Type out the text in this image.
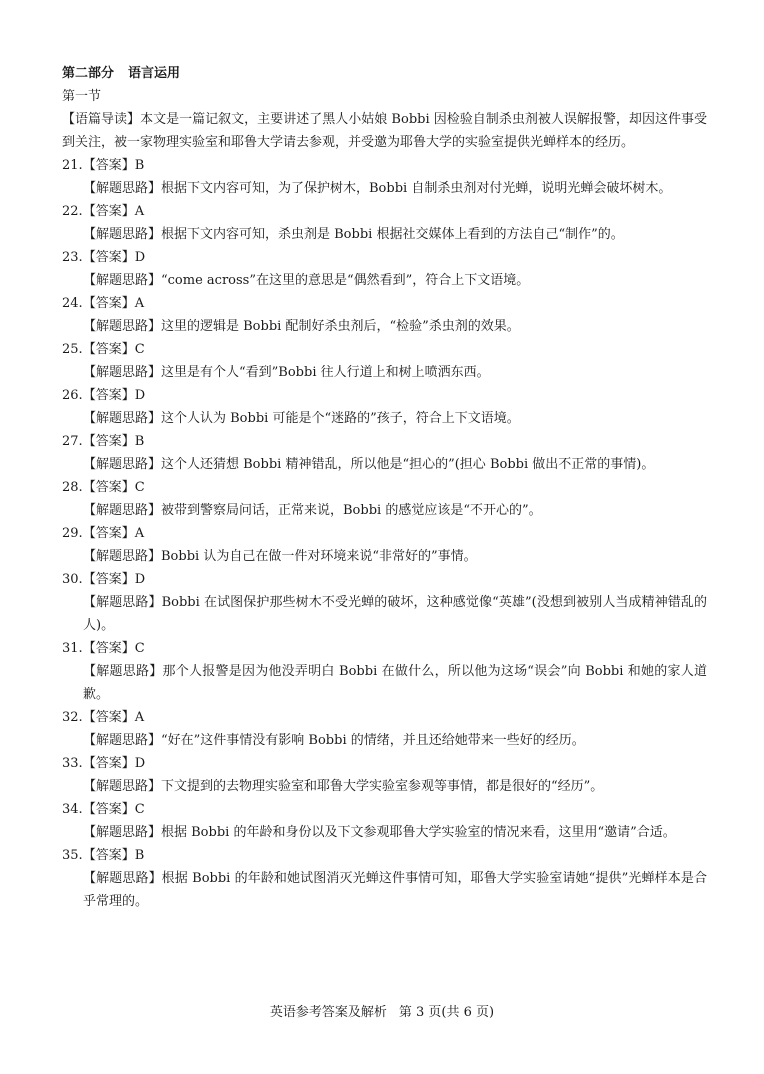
第二部分 语言运用
第一节
【语篇导读】本文是一篇记叙文，主要讲述了黑人小姑娘 Bobbi 因检验自制杀虫剂被人误解报警，却因这件事受到关注，被一家物理实验室和耶鲁大学请去参观，并受邀为耶鲁大学的实验室提供光蝉样本的经历。
21.【答案】B
【解题思路】根据下文内容可知，为了保护树木，Bobbi 自制杀虫剂对付光蝉，说明光蝉会破坏树木。
22.【答案】A
【解题思路】根据下文内容可知，杀虫剂是 Bobbi 根据社交媒体上看到的方法自己“制作”的。
23.【答案】D
【解题思路】“come across”在这里的意思是“偶然看到”，符合上下文语境。
24.【答案】A
【解题思路】这里的逻辑是 Bobbi 配制好杀虫剂后，“检验”杀虫剂的效果。
25.【答案】C
【解题思路】这里是有个人“看到”Bobbi 往人行道上和树上喷洒东西。
26.【答案】D
【解题思路】这个人认为 Bobbi 可能是个“迷路的”孩子，符合上下文语境。
27.【答案】B
【解题思路】这个人还猜想 Bobbi 精神错乱，所以他是“担心的”(担心 Bobbi 做出不正常的事情)。
28.【答案】C
【解题思路】被带到警察局问话，正常来说，Bobbi 的感觉应该是“不开心的”。
29.【答案】A
【解题思路】Bobbi 认为自己在做一件对环境来说“非常好的”事情。
30.【答案】D
【解题思路】Bobbi 在试图保护那些树木不受光蝉的破坏，这种感觉像“英雄”(没想到被别人当成精神错乱的人)。
31.【答案】C
【解题思路】那个人报警是因为他没弄明白 Bobbi 在做什么，所以他为这场“误会”向 Bobbi 和她的家人道歉。
32.【答案】A
【解题思路】“好在”这件事情没有影响 Bobbi 的情绪，并且还给她带来一些好的经历。
33.【答案】D
【解题思路】下文提到的去物理实验室和耶鲁大学实验室参观等事情，都是很好的“经历”。
34.【答案】C
【解题思路】根据 Bobbi 的年龄和身份以及下文参观耶鲁大学实验室的情况来看，这里用“邀请”合适。
35.【答案】B
【解题思路】根据 Bobbi 的年龄和她试图消灭光蝉这件事情可知，耶鲁大学实验室请她“提供”光蝉样本是合乎常理的。
英语参考答案及解析 第 3 页(共 6 页)
